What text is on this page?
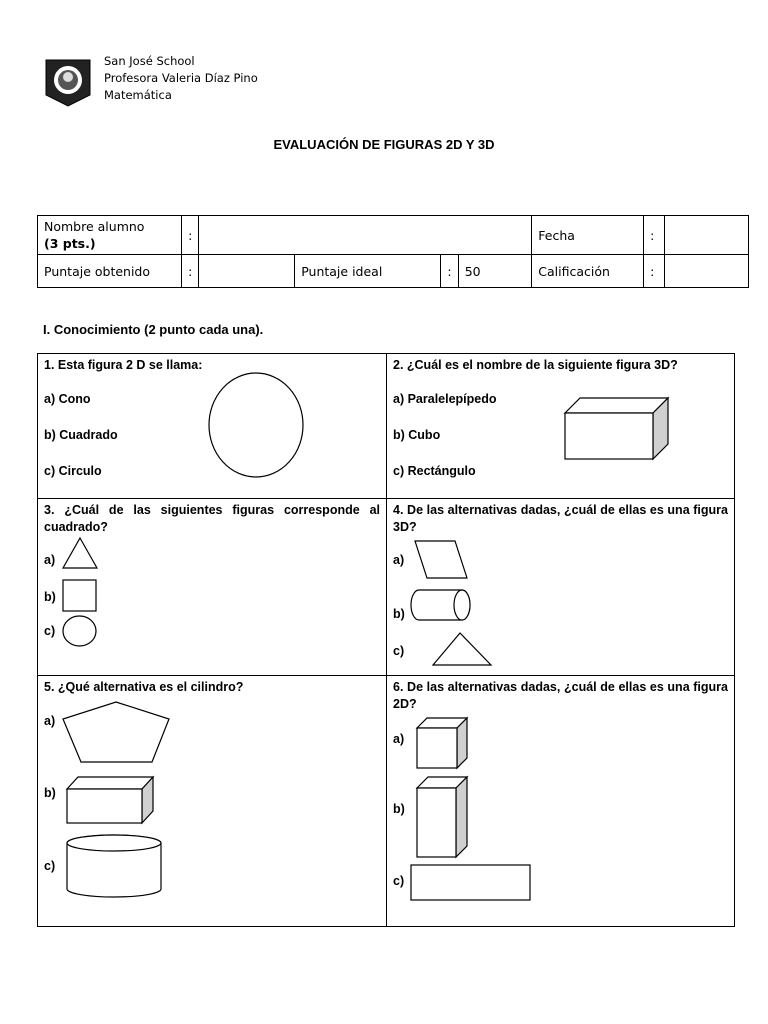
San José School
Profesora Valeria Díaz Pino
Matemática
EVALUACIÓN DE FIGURAS 2D Y 3D
Nombre alumno
(3 pts.)	:					Fecha	:	
Puntaje obtenido	:		Puntaje ideal	:	50	Calificación	:	
I. Conocimiento (2 punto cada una).
1. Esta figura 2 D se llama:
a) Cono
b) Cuadrado
c) Circulo
2. ¿Cuál es el nombre de la siguiente figura 3D?
a) Paralelepípedo
b) Cubo
c) Rectángulo
3. ¿Cuál de las siguientes figuras corresponde al cuadrado?
a)
b)
c)
4. De las alternativas dadas, ¿cuál de ellas es una figura 3D?
a)
b)
c)
5. ¿Qué alternativa es el cilindro?
a)
b)
c)
6. De las alternativas dadas, ¿cuál de ellas es una figura 2D?
a)
b)
c)
